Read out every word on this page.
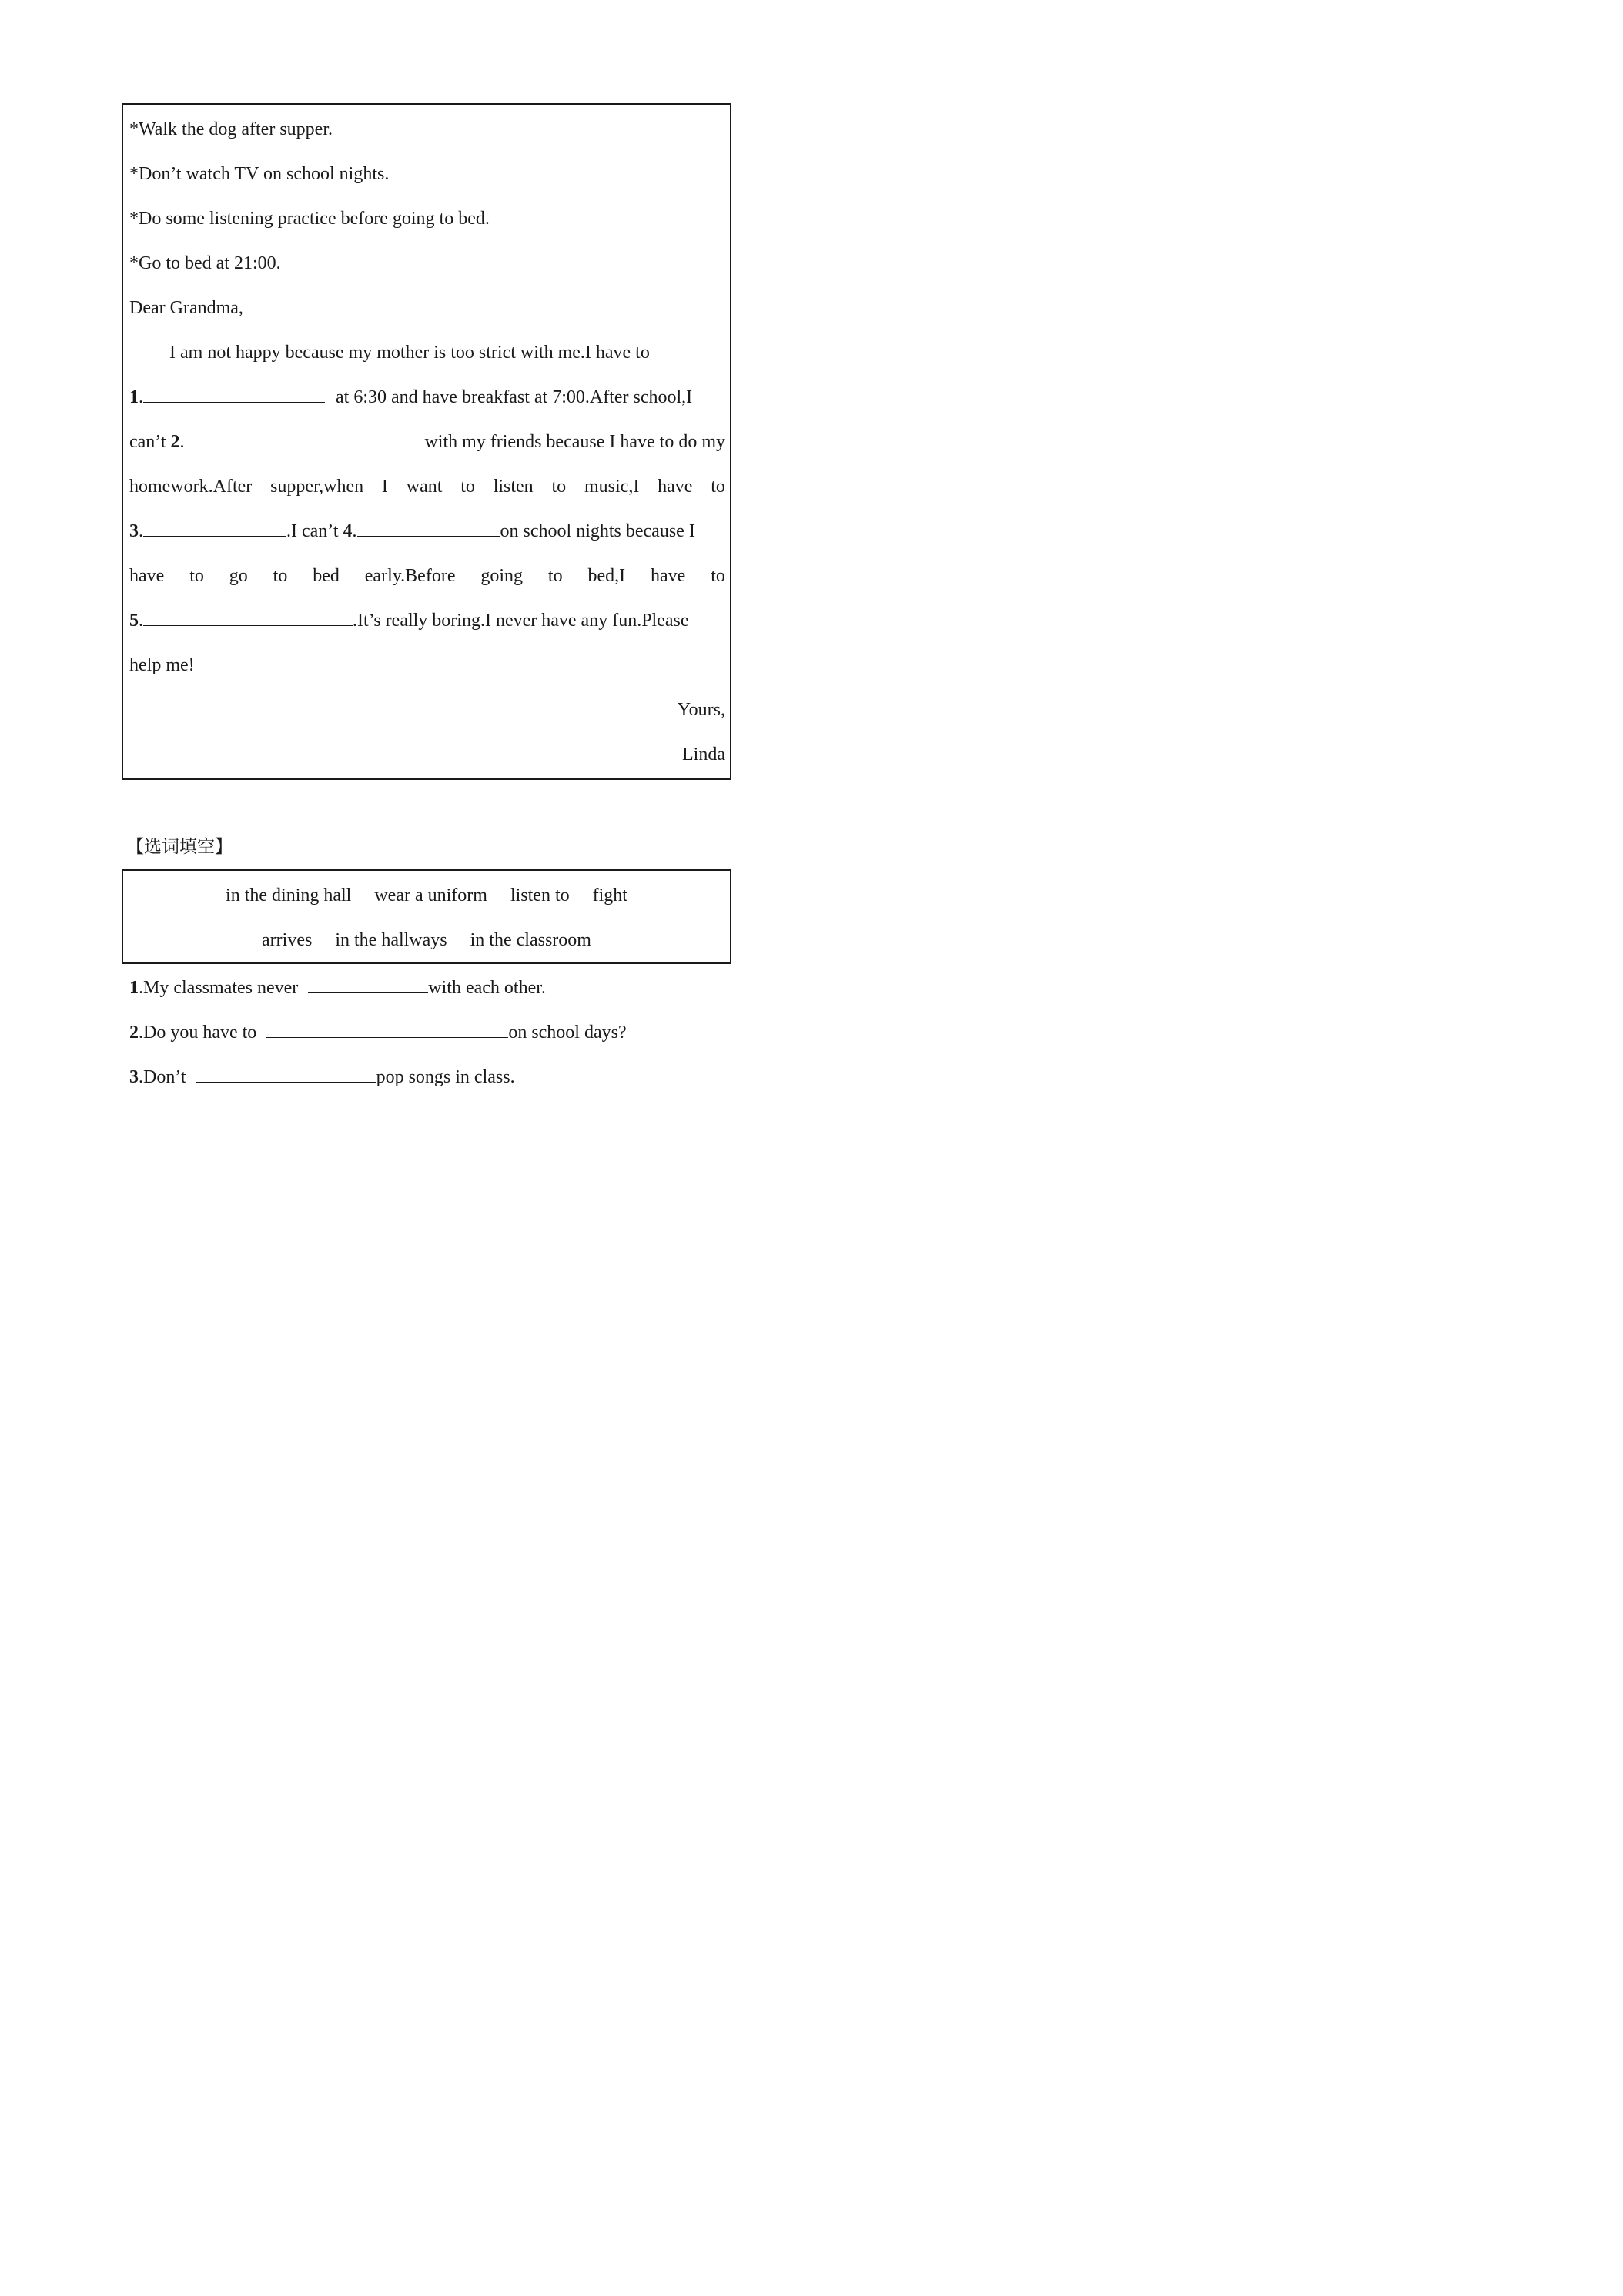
*Walk the dog after supper.
*Don’t watch TV on school nights.
*Do some listening practice before going to bed.
*Go to bed at 21:00.
Dear Grandma,
I am not happy because my mother is too strict with me.I have to
1.	at 6:30 and have breakfast at 7:00.After school,I
can’t 2.	with my friends because I have to do my
homework.After supper,when I want to listen to music,I have to
3.	.I can’t 4.	on school nights because I
have to go to bed early.Before going to bed,I have to
5.	.It’s really boring.I never have any fun.Please
help me!
Yours,
Linda
【选词填空】
in the dining hall wear a uniform listen to fight
arrives in the hallways in the classroom
1.My classmates never	with each other.
2.Do you have to	on school days?
3.Don’t	pop songs in class.
